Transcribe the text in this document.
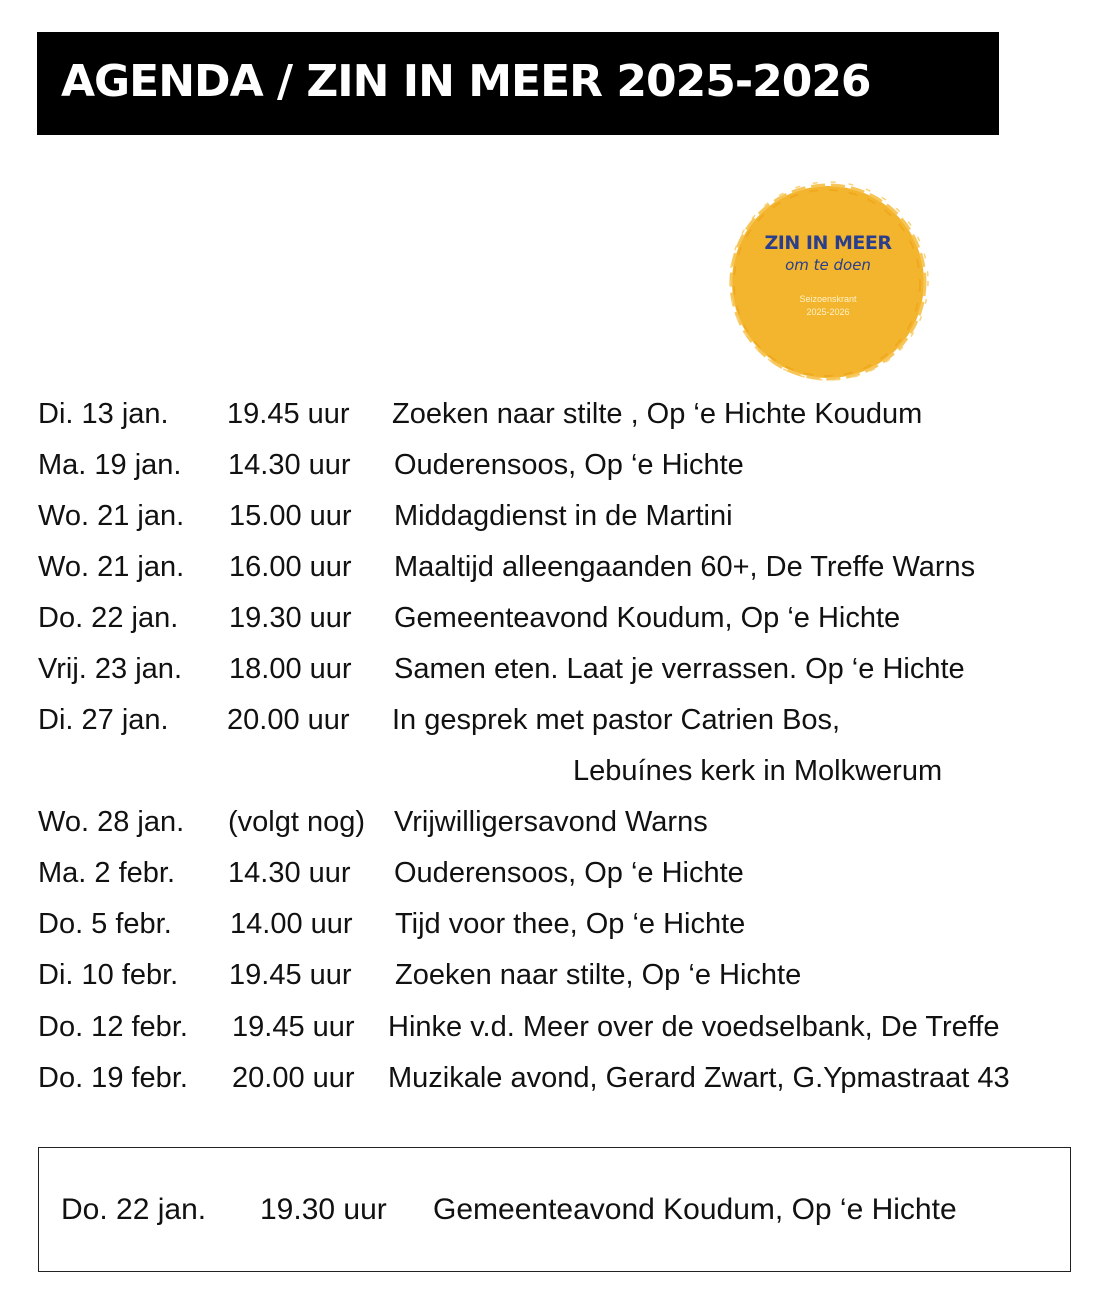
AGENDA / ZIN IN MEER 2025-2026
ZIN IN MEER
om te doen
Seizoenskrant
2025-2026
Di. 13 jan. 19.45 uur Zoeken naar stilte , Op ‘e Hichte Koudum
Ma. 19 jan. 14.30 uur Ouderensoos, Op ‘e Hichte
Wo. 21 jan. 15.00 uur Middagdienst in de Martini
Wo. 21 jan. 16.00 uur Maaltijd alleengaanden 60+, De Treffe Warns
Do. 22 jan. 19.30 uur Gemeenteavond Koudum, Op ‘e Hichte
Vrij. 23 jan. 18.00 uur Samen eten. Laat je verrassen. Op ‘e Hichte
Di. 27 jan. 20.00 uur In gesprek met pastor Catrien Bos,
Lebuínes kerk in Molkwerum
Wo. 28 jan. (volgt nog) Vrijwilligersavond Warns
Ma. 2 febr. 14.30 uur Ouderensoos, Op ‘e Hichte
Do. 5 febr. 14.00 uur Tijd voor thee, Op ‘e Hichte
Di. 10 febr. 19.45 uur Zoeken naar stilte, Op ‘e Hichte
Do. 12 febr. 19.45 uur Hinke v.d. Meer over de voedselbank, De Treffe
Do. 19 febr. 20.00 uur Muzikale avond, Gerard Zwart, G.Ypmastraat 43
Do. 22 jan. 19.30 uur Gemeenteavond Koudum, Op ‘e Hichte
